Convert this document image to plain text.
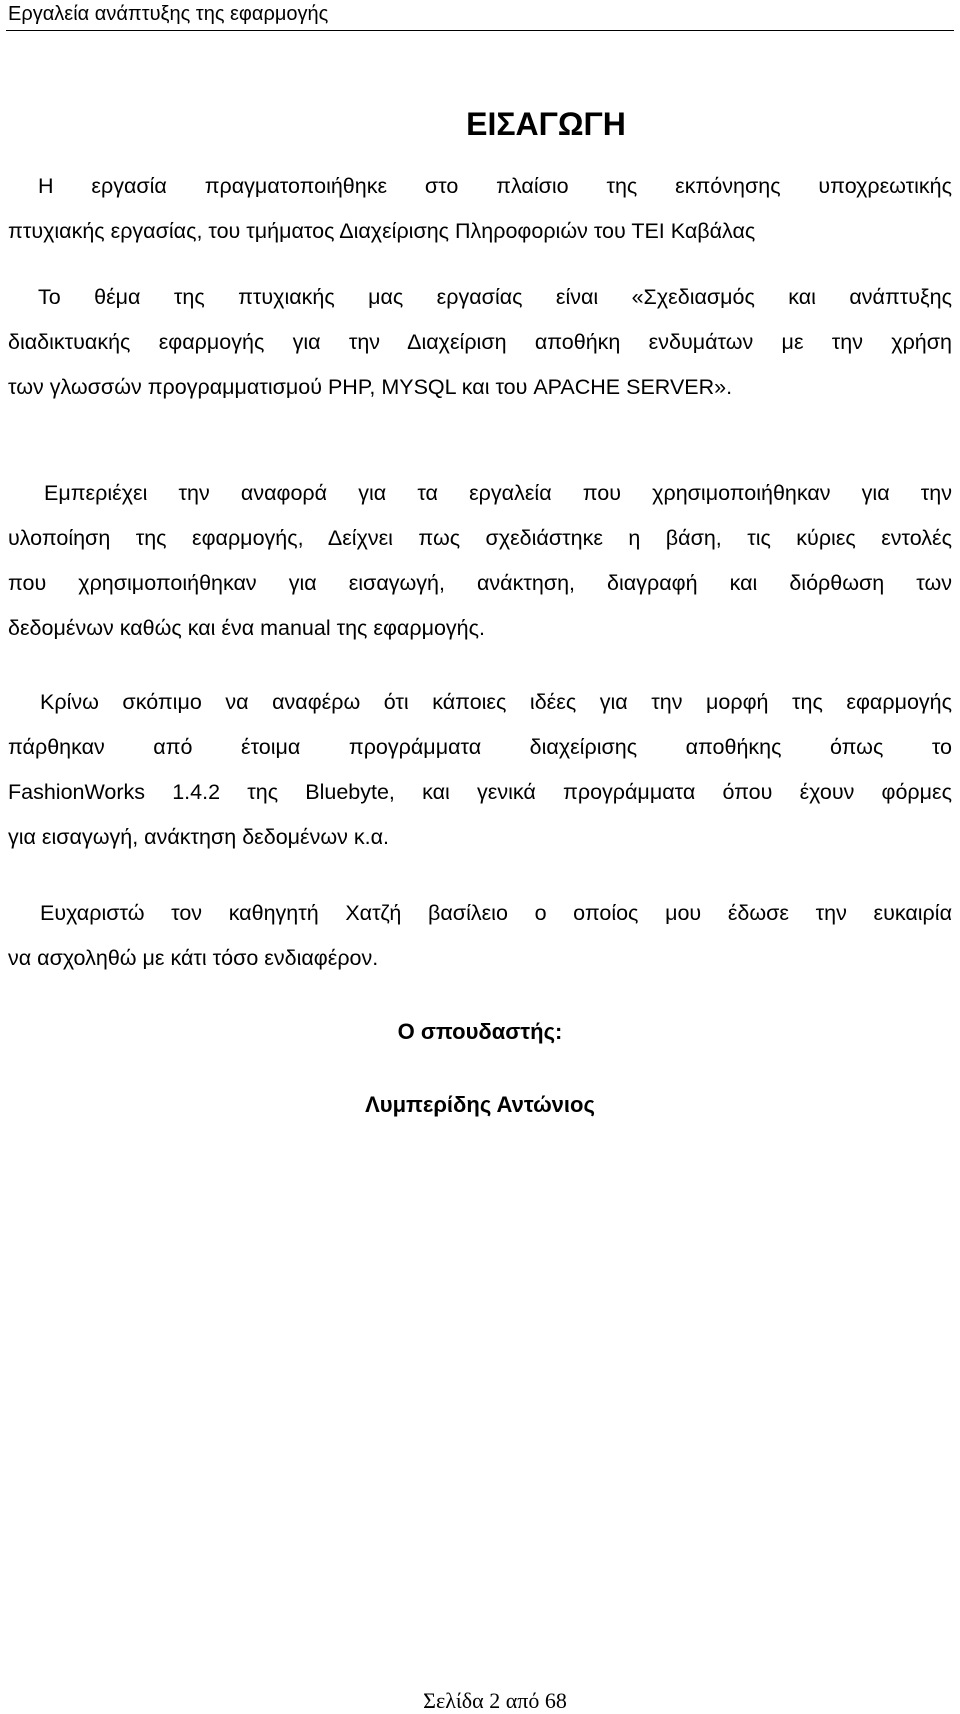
Εργαλεία ανάπτυξης της εφαρμογής
ΕΙΣΑΓΩΓΗ

Η εργασία πραγματοποιήθηκε στο πλαίσιο της εκπόνησης υποχρεωτικής
πτυχιακής εργασίας, του τμήματος Διαχείρισης Πληροφοριών του ΤΕΙ Καβάλας

Το θέμα της πτυχιακής μας εργασίας είναι «Σχεδιασμός και ανάπτυξης
διαδικτυακής εφαρμογής για την Διαχείριση αποθήκη ενδυμάτων με την χρήση
των γλωσσών προγραμματισμού PHP, MYSQL και του APACHE SERVER».

Εμπεριέχει την αναφορά για τα εργαλεία που χρησιμοποιήθηκαν για την
υλοποίηση της εφαρμογής, Δείχνει πως σχεδιάστηκε η βάση, τις κύριες εντολές
που χρησιμοποιήθηκαν για εισαγωγή, ανάκτηση, διαγραφή και διόρθωση των
δεδομένων καθώς και ένα manual της εφαρμογής.

Κρίνω σκόπιμο να αναφέρω ότι κάποιες ιδέες για την μορφή της εφαρμογής
πάρθηκαν από έτοιμα προγράμματα διαχείρισης αποθήκης όπως το
FashionWorks 1.4.2 της Bluebyte, και γενικά προγράμματα όπου έχουν φόρμες
για εισαγωγή, ανάκτηση δεδομένων κ.α.

Ευχαριστώ τον καθηγητή Χατζή βασίλειο ο οποίος μου έδωσε την ευκαιρία
να ασχοληθώ με κάτι τόσο ενδιαφέρον.

Ο σπουδαστής:
Λυμπερίδης Αντώνιος
Σελίδα 2 από 68
